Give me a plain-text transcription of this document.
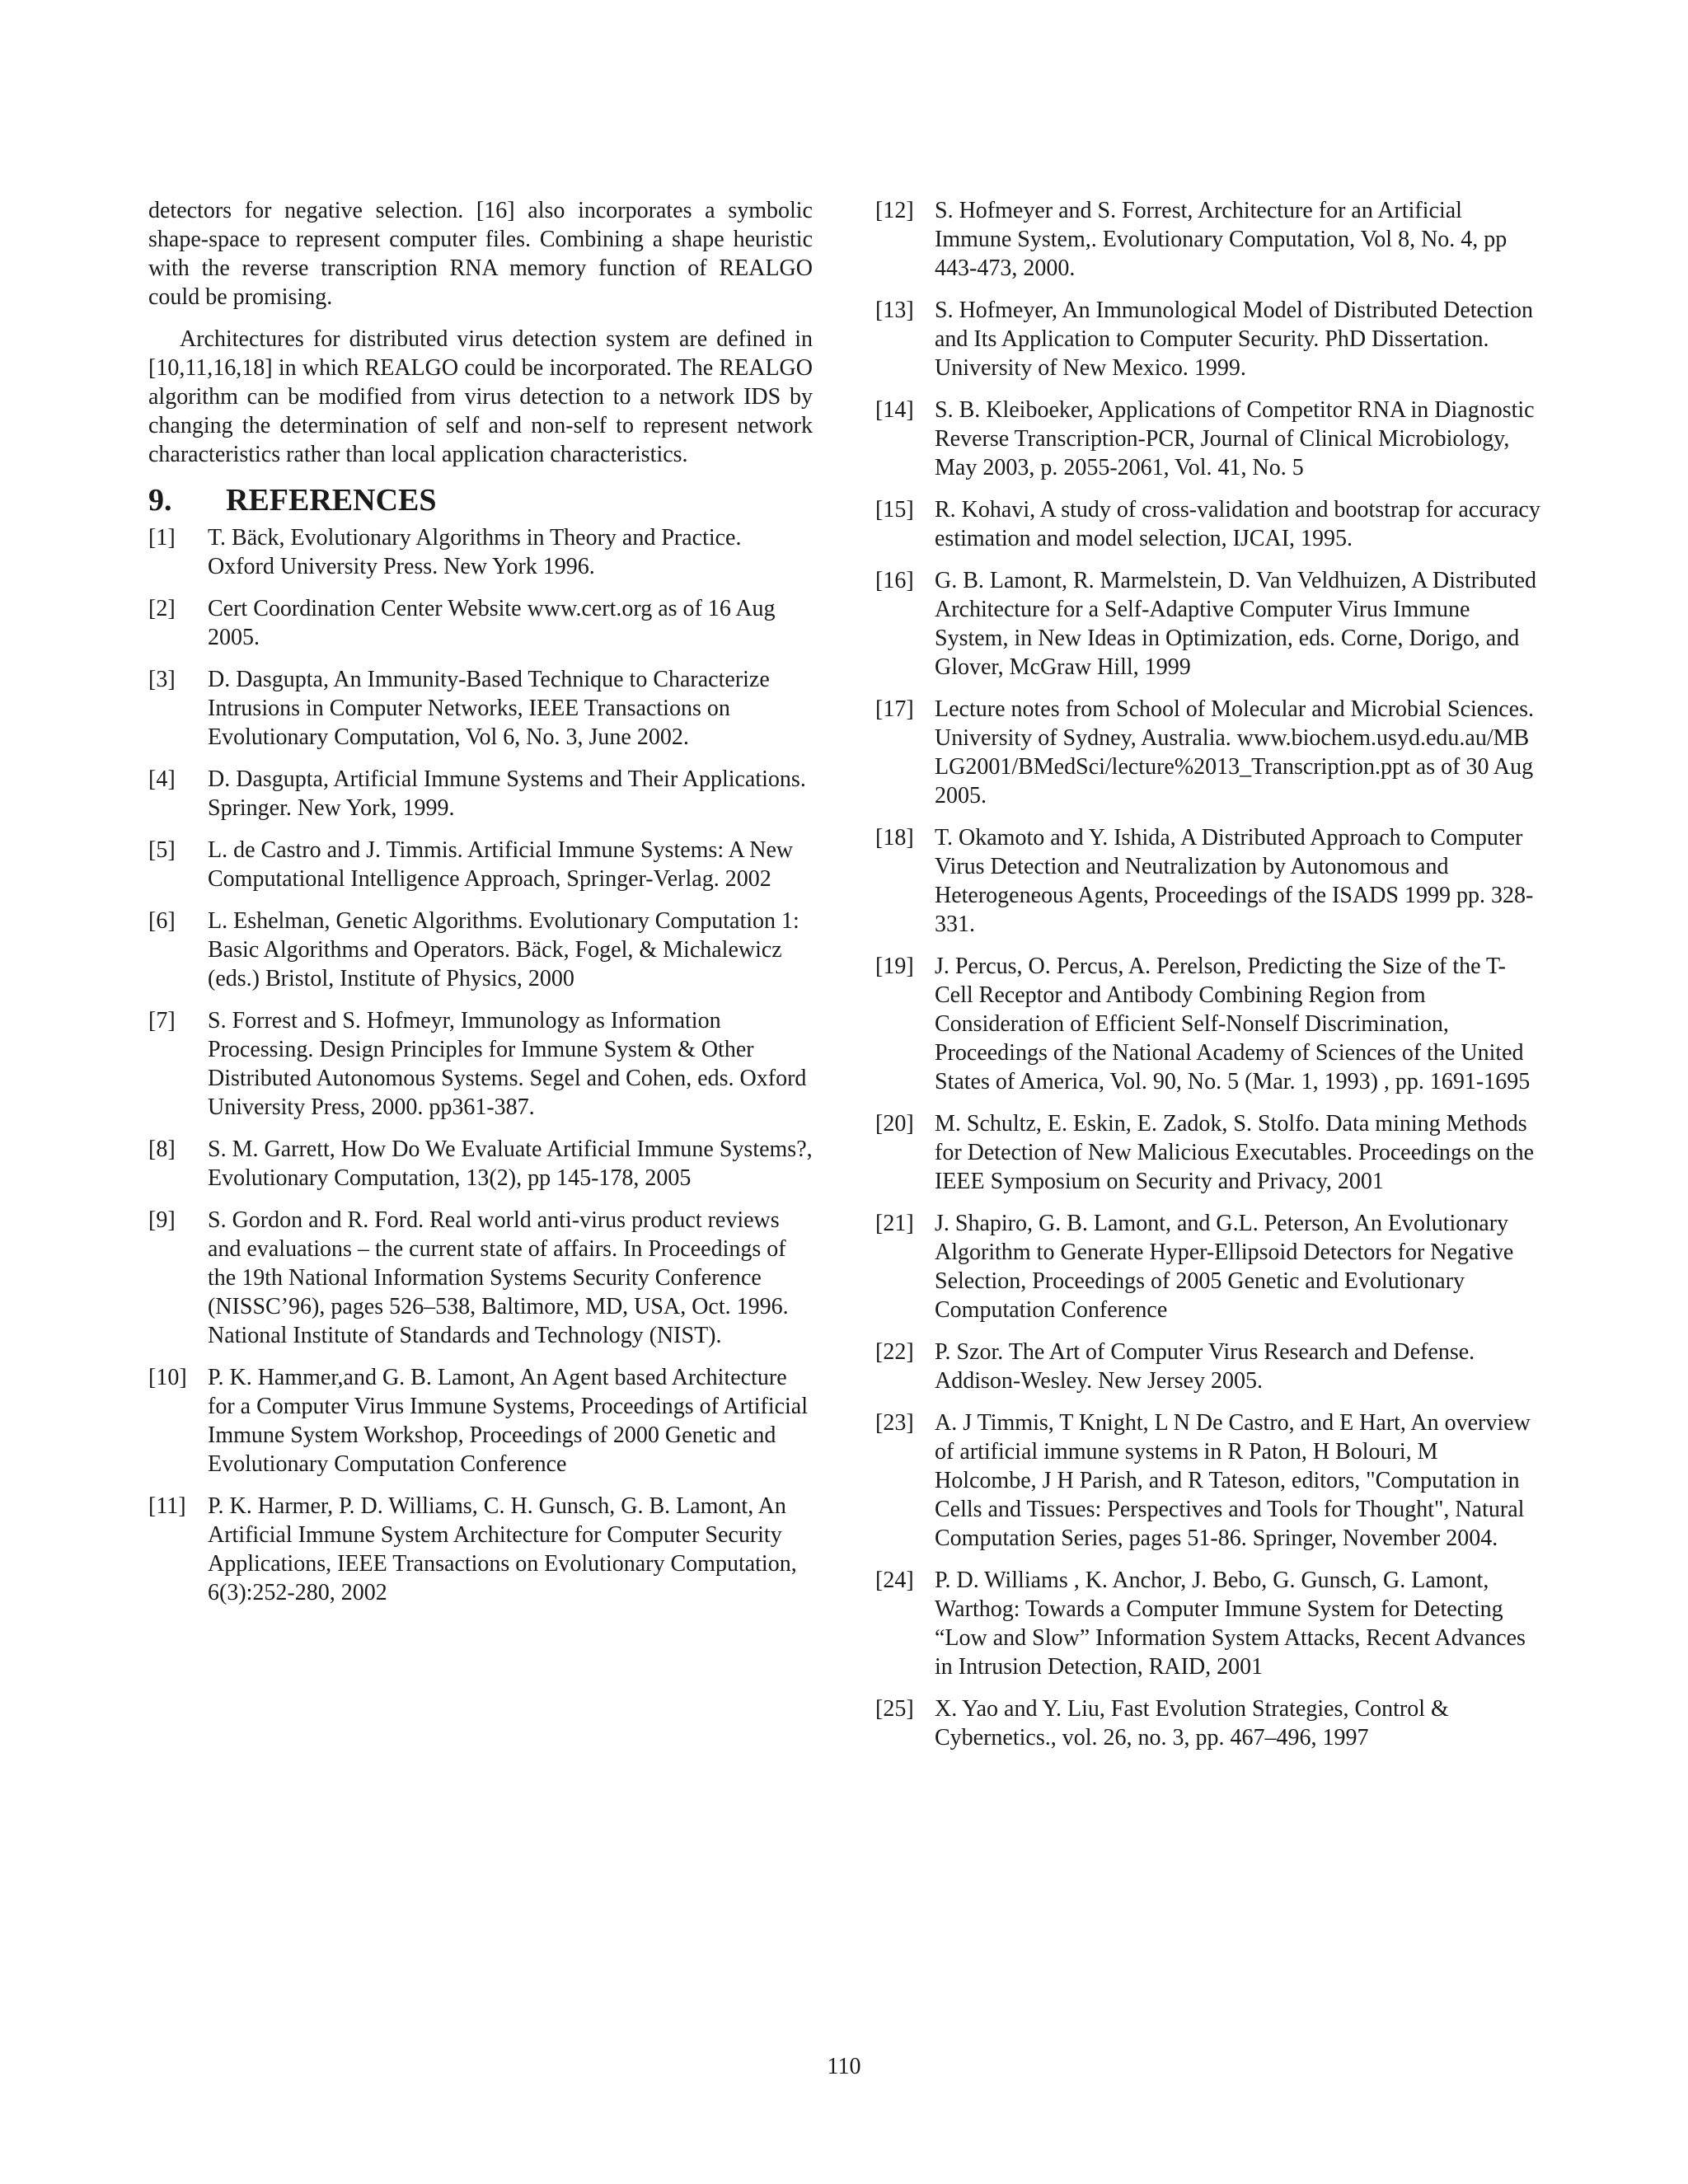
detectors for negative selection. [16] also incorporates a symbolic shape-space to represent computer files. Combining a shape heuristic with the reverse transcription RNA memory function of REALGO could be promising.

Architectures for distributed virus detection system are defined in [10,11,16,18] in which REALGO could be incorporated. The REALGO algorithm can be modified from virus detection to a network IDS by changing the determination of self and non-self to represent network characteristics rather than local application characteristics.

9.	REFERENCES
[1]	T. Bäck, Evolutionary Algorithms in Theory and Practice. Oxford University Press. New York 1996.
[2]	Cert Coordination Center Website www.cert.org as of 16 Aug 2005.
[3]	D. Dasgupta, An Immunity-Based Technique to Characterize Intrusions in Computer Networks, IEEE Transactions on Evolutionary Computation, Vol 6, No. 3, June 2002.
[4]	D. Dasgupta, Artificial Immune Systems and Their Applications. Springer. New York, 1999.
[5]	L. de Castro and J. Timmis. Artificial Immune Systems: A New Computational Intelligence Approach, Springer-Verlag. 2002
[6]	L. Eshelman, Genetic Algorithms. Evolutionary Computation 1: Basic Algorithms and Operators. Bäck, Fogel, & Michalewicz (eds.) Bristol, Institute of Physics, 2000
[7]	S. Forrest and S. Hofmeyr, Immunology as Information Processing. Design Principles for Immune System & Other Distributed Autonomous Systems. Segel and Cohen, eds. Oxford University Press, 2000. pp361-387.
[8]	S. M. Garrett, How Do We Evaluate Artificial Immune Systems?, Evolutionary Computation, 13(2), pp 145-178, 2005
[9]	S. Gordon and R. Ford. Real world anti-virus product reviews and evaluations – the current state of affairs. In Proceedings of the 19th National Information Systems Security Conference (NISSC’96), pages 526–538, Baltimore, MD, USA, Oct. 1996. National Institute of Standards and Technology (NIST).
[10] P. K. Hammer,and G. B. Lamont, An Agent based Architecture for a Computer Virus Immune Systems, Proceedings of Artificial Immune System Workshop, Proceedings of 2000 Genetic and Evolutionary Computation Conference
[11] P. K. Harmer, P. D. Williams, C. H. Gunsch, G. B. Lamont, An Artificial Immune System Architecture for Computer Security Applications, IEEE Transactions on Evolutionary Computation, 6(3):252-280, 2002
[12] S. Hofmeyer and S. Forrest, Architecture for an Artificial Immune System,. Evolutionary Computation, Vol 8, No. 4, pp 443-473, 2000.
[13] S. Hofmeyer, An Immunological Model of Distributed Detection and Its Application to Computer Security. PhD Dissertation. University of New Mexico. 1999.
[14] S. B. Kleiboeker, Applications of Competitor RNA in Diagnostic Reverse Transcription-PCR, Journal of Clinical Microbiology, May 2003, p. 2055-2061, Vol. 41, No. 5
[15] R. Kohavi, A study of cross-validation and bootstrap for accuracy estimation and model selection, IJCAI, 1995.
[16] G. B. Lamont, R. Marmelstein, D. Van Veldhuizen, A Distributed Architecture for a Self-Adaptive Computer Virus Immune System, in New Ideas in Optimization, eds. Corne, Dorigo, and Glover, McGraw Hill, 1999
[17] Lecture notes from School of Molecular and Microbial Sciences. University of Sydney, Australia. www.biochem.usyd.edu.au/MBLG2001/BMedSci/lecture%2013_Transcription.ppt as of 30 Aug 2005.
[18] T. Okamoto and Y. Ishida, A Distributed Approach to Computer Virus Detection and Neutralization by Autonomous and Heterogeneous Agents, Proceedings of the ISADS 1999 pp. 328-331.
[19] J. Percus, O. Percus, A. Perelson, Predicting the Size of the T-Cell Receptor and Antibody Combining Region from Consideration of Efficient Self-Nonself Discrimination, Proceedings of the National Academy of Sciences of the United States of America, Vol. 90, No. 5 (Mar. 1, 1993) , pp. 1691-1695
[20] M. Schultz, E. Eskin, E. Zadok, S. Stolfo. Data mining Methods for Detection of New Malicious Executables. Proceedings on the IEEE Symposium on Security and Privacy, 2001
[21] J. Shapiro, G. B. Lamont, and G.L. Peterson, An Evolutionary Algorithm to Generate Hyper-Ellipsoid Detectors for Negative Selection, Proceedings of 2005 Genetic and Evolutionary Computation Conference
[22] P. Szor. The Art of Computer Virus Research and Defense. Addison-Wesley. New Jersey 2005.
[23] A. J Timmis, T Knight, L N De Castro, and E Hart, An overview of artificial immune systems in R Paton, H Bolouri, M Holcombe, J H Parish, and R Tateson, editors, "Computation in Cells and Tissues: Perspectives and Tools for Thought", Natural Computation Series, pages 51-86. Springer, November 2004.
[24] P. D. Williams , K. Anchor, J. Bebo, G. Gunsch, G. Lamont, Warthog: Towards a Computer Immune System for Detecting “Low and Slow” Information System Attacks, Recent Advances in Intrusion Detection, RAID, 2001
[25] X. Yao and Y. Liu, Fast Evolution Strategies, Control & Cybernetics., vol. 26, no. 3, pp. 467–496, 1997
110
